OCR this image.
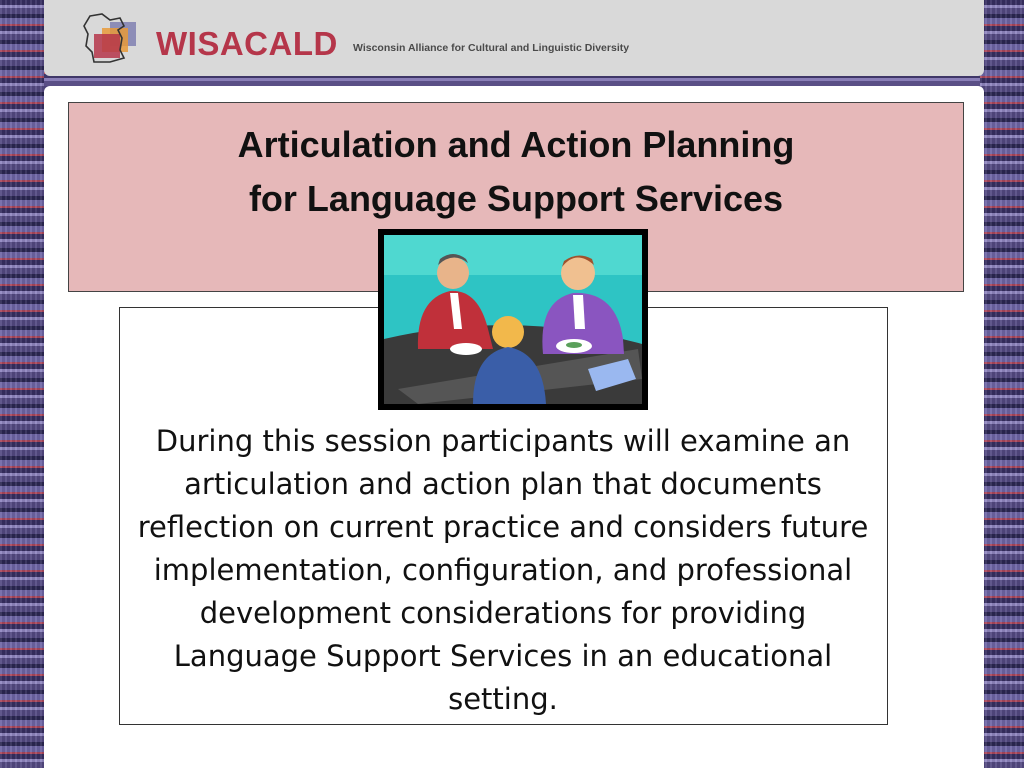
WISACALD Wisconsin Alliance for Cultural and Linguistic Diversity
Articulation and Action Planning
for Language Support Services
During this session participants will examine an articulation and action plan that documents reflection on current practice and considers future implementation, configuration, and professional development considerations for providing Language Support Services in an educational setting.
